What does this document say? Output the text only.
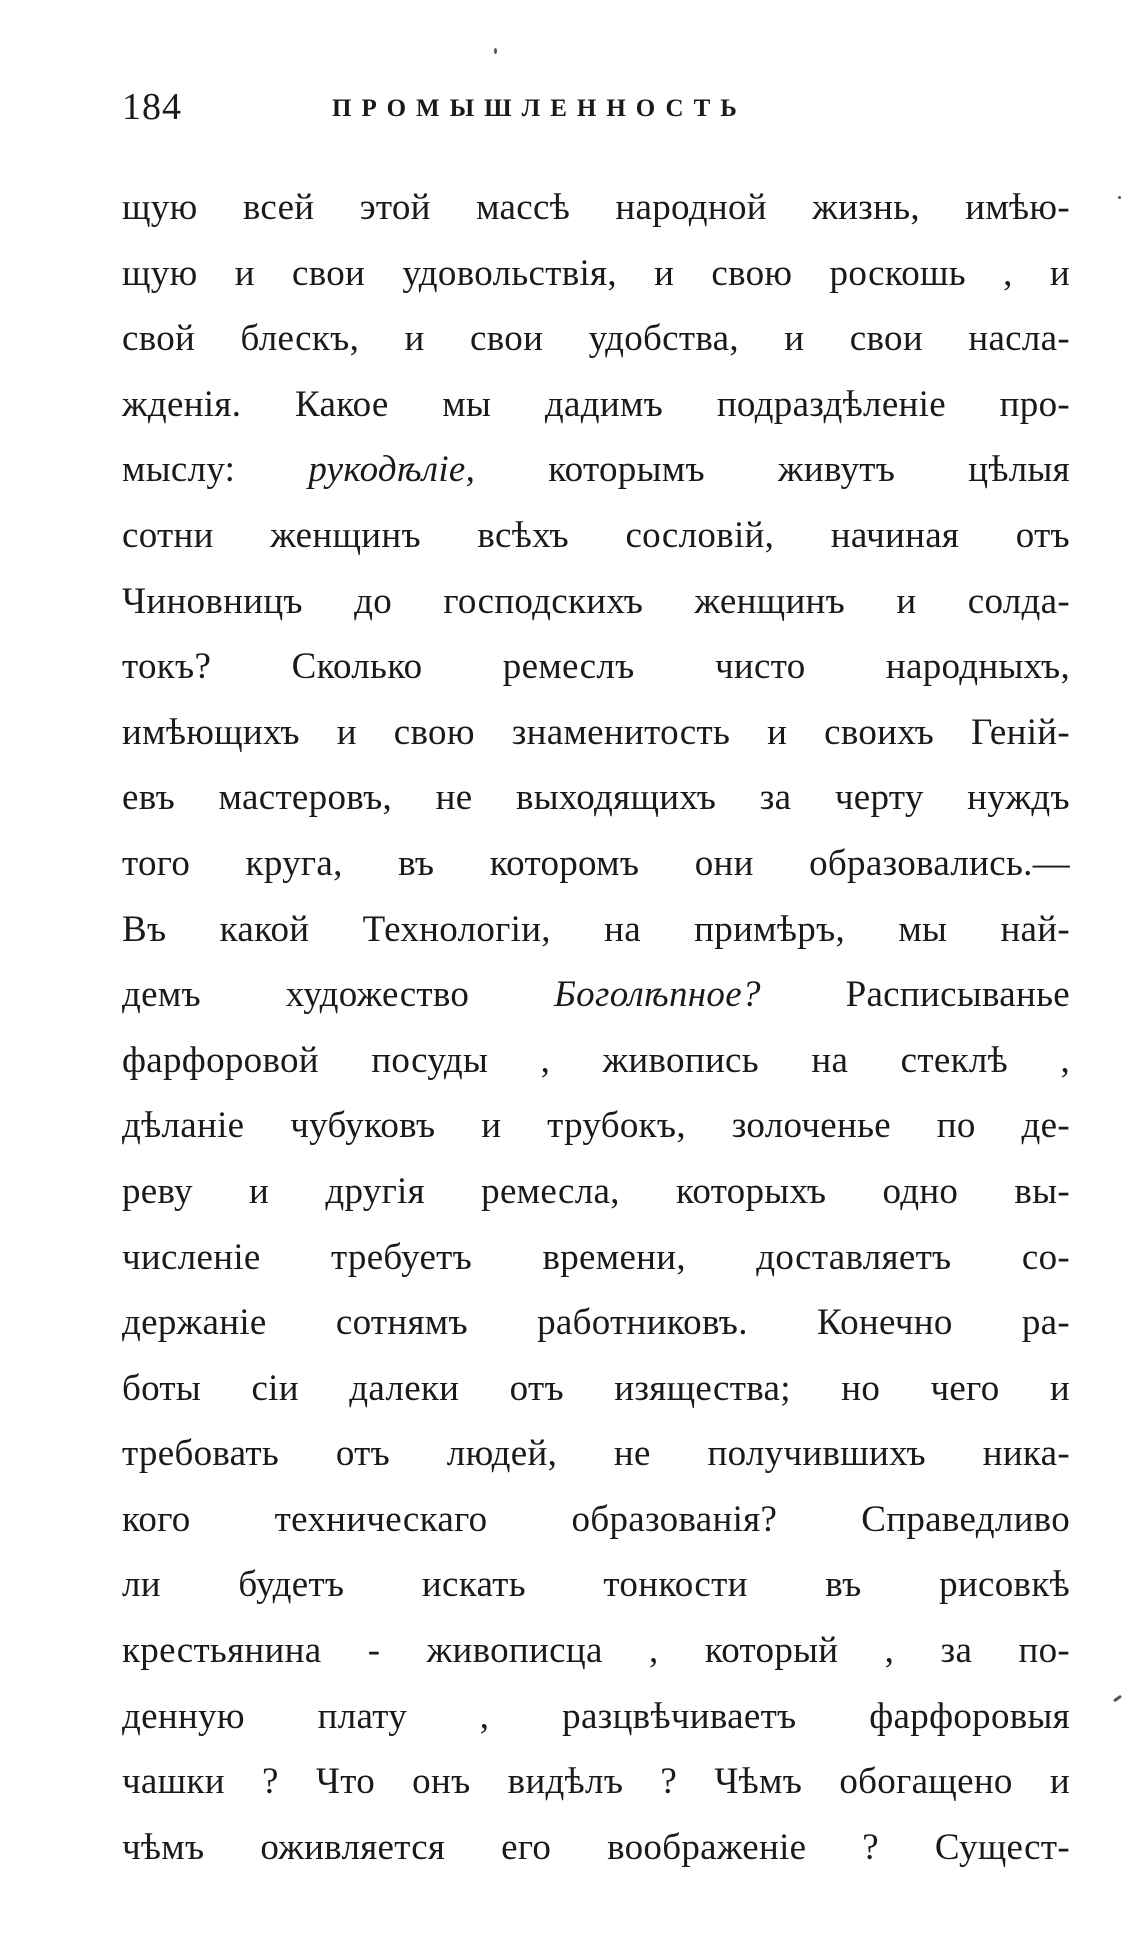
184	ПРОМЫШЛЕННОСТЬ
щую всей этой массѣ народной жизнь, имѣю-
щую и свои удовольствія, и свою роскошь , и
свой блескъ, и свои удобства, и свои насла-
жденія. Какое мы дадимъ подраздѣленіе про-
мыслу: рукодѣліе, которымъ живутъ цѣлыя
сотни женщинъ всѣхъ сословій, начиная отъ
Чиновницъ до господскихъ женщинъ и солда-
токъ? Сколько ремеслъ чисто народныхъ,
имѣющихъ и свою знаменитость и своихъ Геній-
евъ мастеровъ, не выходящихъ за черту нуждъ
того круга, въ которомъ они образовались.—
Въ какой Технологіи, на примѣръ, мы най-
демъ художество Боголѣпное? Расписыванье
фарфоровой посуды , живопись на стеклѣ ,
дѣланіе чубуковъ и трубокъ, золоченье по де-
реву и другія ремесла, которыхъ одно вы-
численіе требуетъ времени, доставляетъ со-
держаніе сотнямъ работниковъ. Конечно ра-
боты сіи далеки отъ изящества; но чего и
требовать отъ людей, не получившихъ ника-
кого техническаго образованія? Справедливо
ли будетъ искать тонкости въ рисовкѣ
крестьянина - живописца , который , за по-
денную плату , разцвѣчиваетъ фарфоровыя
чашки ? Что онъ видѣлъ ? Чѣмъ обогащено и
чѣмъ оживляется его воображеніе ? Сущест-
